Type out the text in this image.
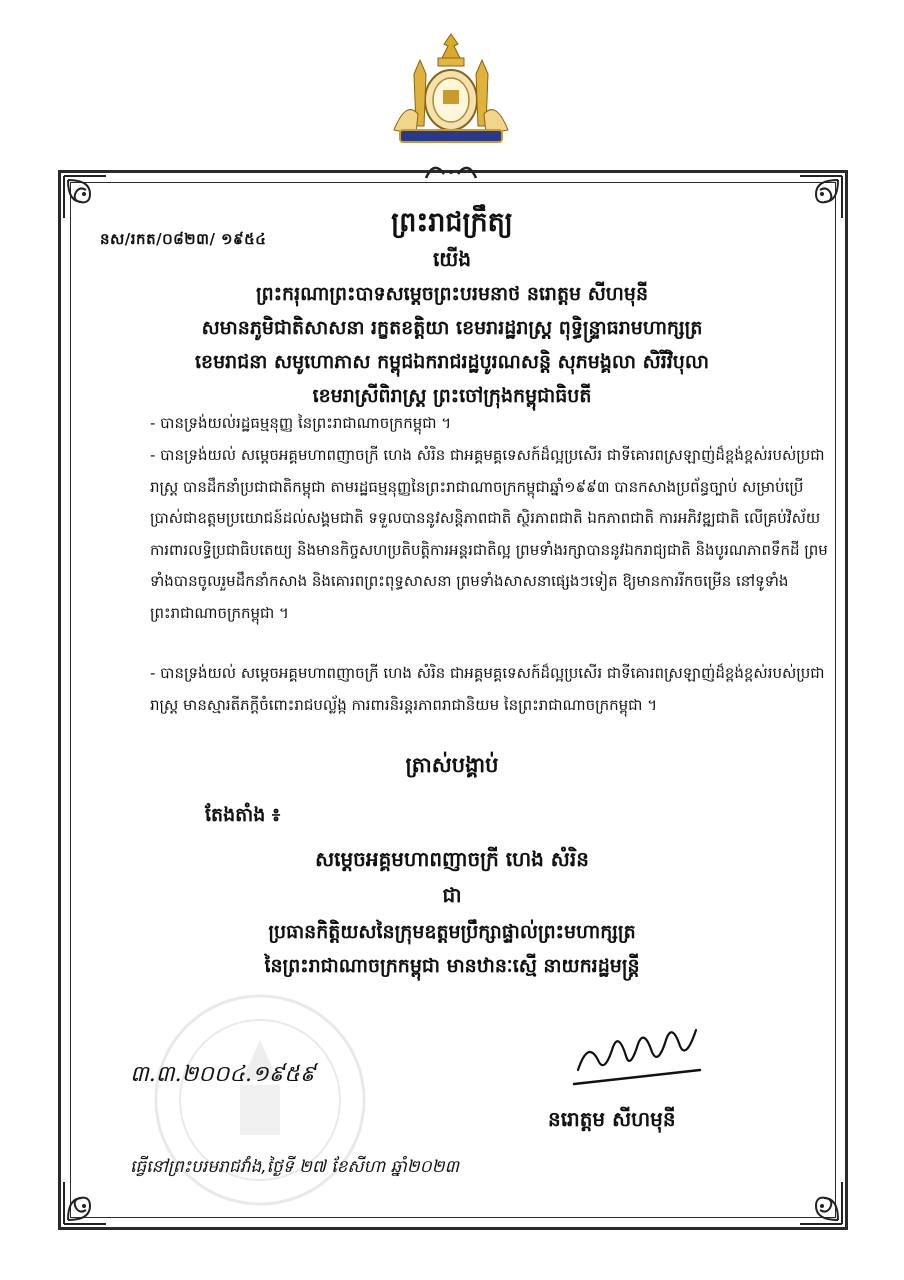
នស/រកត/០៨២៣/ ១៩៥៤
ព្រះរាជក្រឹត្យ
យើង
ព្រះករុណាព្រះបាទសម្តេចព្រះបរមនាថ នរោត្តម សីហមុនី
សមានភូមិជាតិសាសនា រក្ខតខត្តិយា ខេមរារដ្ឋរាស្ត្រ ពុទ្ធិន្ទ្រាធរាមហាក្សត្រ
ខេមរាជនា សមូហោភាស កម្ពុជឯករាជរដ្ឋបូរណសន្តិ សុភមង្គលា សិរីវិបុលា
ខេមរាស្រីពិរាស្ត្រ ព្រះចៅក្រុងកម្ពុជាធិបតី
- បានទ្រង់យល់រដ្ឋធម្មនុញ្ញ នៃព្រះរាជាណាចក្រកម្ពុជា ។
- បានទ្រង់យល់ សម្តេចអគ្គមហាពញាចក្រី ហេង សំរិន ជាអគ្គមគ្គទេសក៍ដ៏ល្អប្រសើរ ជាទីគោរពស្រឡាញ់ដ៏ខ្ពង់ខ្ពស់របស់ប្រជារាស្ត្រ បានដឹកនាំប្រជាជាតិកម្ពុជា តាមរដ្ឋធម្មនុញ្ញនៃព្រះរាជាណាចក្រកម្ពុជាឆ្នាំ១៩៩៣ បានកសាងប្រព័ន្ធច្បាប់ សម្រាប់ប្រើប្រាស់ជាឧត្តមប្រយោជន៍ដល់សង្គមជាតិ ទទួលបាននូវសន្តិភាពជាតិ ស្ថិរភាពជាតិ ឯកភាពជាតិ ការអភិវឌ្ឍជាតិ លើគ្រប់វិស័យ ការពារលទ្ធិប្រជាធិបតេយ្យ និងមានកិច្ចសហប្រតិបត្តិការអន្តរជាតិល្អ ព្រមទាំងរក្សាបាននូវឯករាជ្យជាតិ និងបូរណភាពទឹកដី ព្រមទាំងបានចូលរួមដឹកនាំកសាង និងគោរពព្រះពុទ្ធសាសនា ព្រមទាំងសាសនាផ្សេងៗទៀត ឱ្យមានការរីកចម្រើន នៅទូទាំងព្រះរាជាណាចក្រកម្ពុជា ។
- បានទ្រង់យល់ សម្តេចអគ្គមហាពញាចក្រី ហេង សំរិន ជាអគ្គមគ្គទេសក៍ដ៏ល្អប្រសើរ ជាទីគោរពស្រឡាញ់ដ៏ខ្ពង់ខ្ពស់របស់ប្រជារាស្ត្រ មានស្មារតីភក្តីចំពោះរាជបល្ល័ង្ក ការពារនិរន្តរភាពរាជានិយម នៃព្រះរាជាណាចក្រកម្ពុជា ។
ត្រាស់បង្គាប់
តែងតាំង ៖
សម្តេចអគ្គមហាពញាចក្រី ហេង សំរិន
ជា
ប្រធានកិត្តិយសនៃក្រុមឧត្តមប្រឹក្សាផ្ទាល់ព្រះមហាក្សត្រ
នៃព្រះរាជាណាចក្រកម្ពុជា មានឋានៈស្មើ នាយករដ្ឋមន្ត្រី
៣.៣.២០០៤.១៩៥៩
នរោត្តម សីហមុនី
ធ្វើនៅព្រះបរមរាជវាំង,ថ្ងៃទី ២៧ ខែសីហា ឆ្នាំ២០២៣
